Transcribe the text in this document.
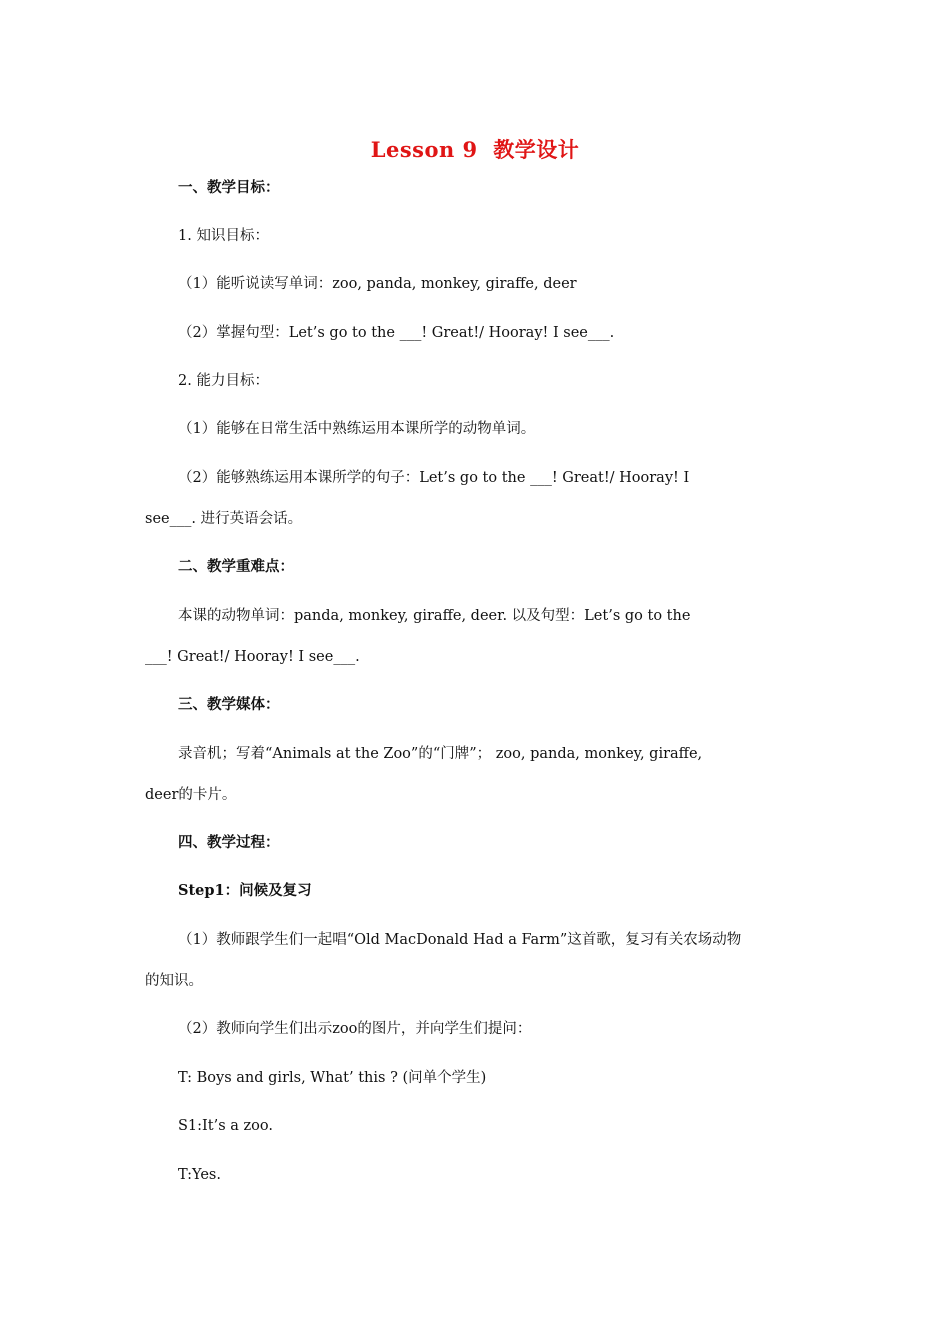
Lesson 9  教学设计
一、教学目标：
1. 知识目标：
（1）能听说读写单词：zoo, panda, monkey, giraffe, deer
（2）掌握句型：Let’s go to the ___! Great!/ Hooray! I see___.
2. 能力目标：
（1）能够在日常生活中熟练运用本课所学的动物单词。
（2）能够熟练运用本课所学的句子：Let’s go to the ___! Great!/ Hooray! I
see___. 进行英语会话。
二、教学重难点：
本课的动物单词：panda, monkey, giraffe, deer. 以及句型：Let’s go to the
___! Great!/ Hooray! I see___.
三、教学媒体：
录音机；写着“Animals at the Zoo”的“门牌”； zoo, panda, monkey, giraffe,
deer的卡片。
四、教学过程：
Step1：问候及复习
（1）教师跟学生们一起唱“Old MacDonald Had a Farm”这首歌，复习有关农场动物
的知识。
（2）教师向学生们出示zoo的图片，并向学生们提问：
T: Boys and girls, What’ this ? (问单个学生)
S1:It’s a zoo.
T:Yes.
